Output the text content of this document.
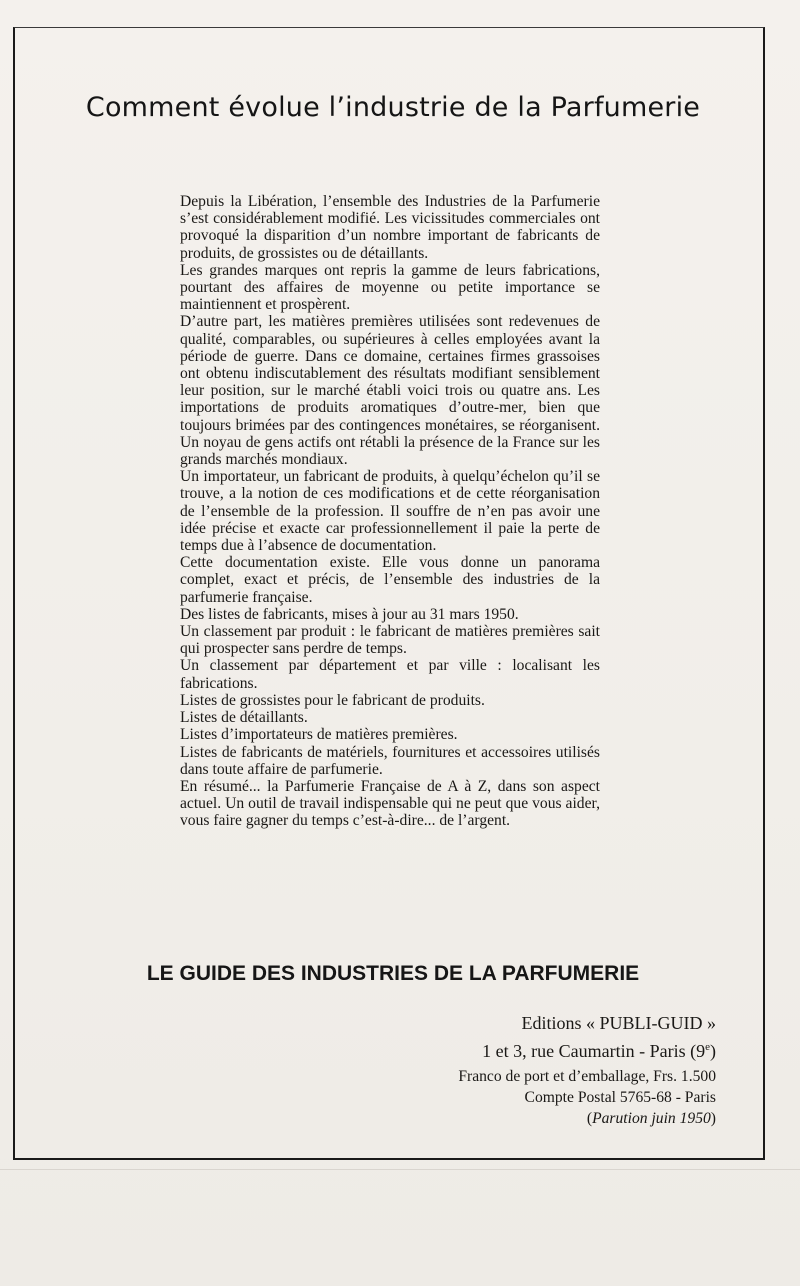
Comment évolue l’industrie de la Parfumerie

Depuis la Libération, l’ensemble des Industries de la Parfumerie s’est considérablement modifié. Les vicissitudes commerciales ont provoqué la disparition d’un nombre important de fabricants de produits, de grossistes ou de détaillants.

Les grandes marques ont repris la gamme de leurs fabrications, pourtant des affaires de moyenne ou petite importance se maintiennent et prospèrent.

D’autre part, les matières premières utilisées sont redevenues de qualité, comparables, ou supérieures à celles employées avant la période de guerre. Dans ce domaine, certaines firmes grassoises ont obtenu indiscutablement des résultats modifiant sensiblement leur position, sur le marché établi voici trois ou quatre ans. Les importations de produits aromatiques d’outre-mer, bien que toujours brimées par des contingences monétaires, se réorganisent. Un noyau de gens actifs ont rétabli la présence de la France sur les grands marchés mondiaux.

Un importateur, un fabricant de produits, à quelqu’échelon qu’il se trouve, a la notion de ces modifications et de cette réorganisation de l’ensemble de la profession. Il souffre de n’en pas avoir une idée précise et exacte car professionnellement il paie la perte de temps due à l’absence de documentation.

Cette documentation existe. Elle vous donne un panorama complet, exact et précis, de l’ensemble des industries de la parfumerie française.

Des listes de fabricants, mises à jour au 31 mars 1950.

Un classement par produit : le fabricant de matières premières sait qui prospecter sans perdre de temps.

Un classement par département et par ville : localisant les fabrications.

Listes de grossistes pour le fabricant de produits.

Listes de détaillants.

Listes d’importateurs de matières premières.

Listes de fabricants de matériels, fournitures et accessoires utilisés dans toute affaire de parfumerie.

En résumé... la Parfumerie Française de A à Z, dans son aspect actuel. Un outil de travail indispensable qui ne peut que vous aider, vous faire gagner du temps c’est-à-dire... de l’argent.

LE GUIDE DES INDUSTRIES DE LA PARFUMERIE
Editions « PUBLI-GUID »
1 et 3, rue Caumartin - Paris (9e)
Franco de port et d’emballage, Frs. 1.500
Compte Postal 5765-68 - Paris
(Parution juin 1950)
